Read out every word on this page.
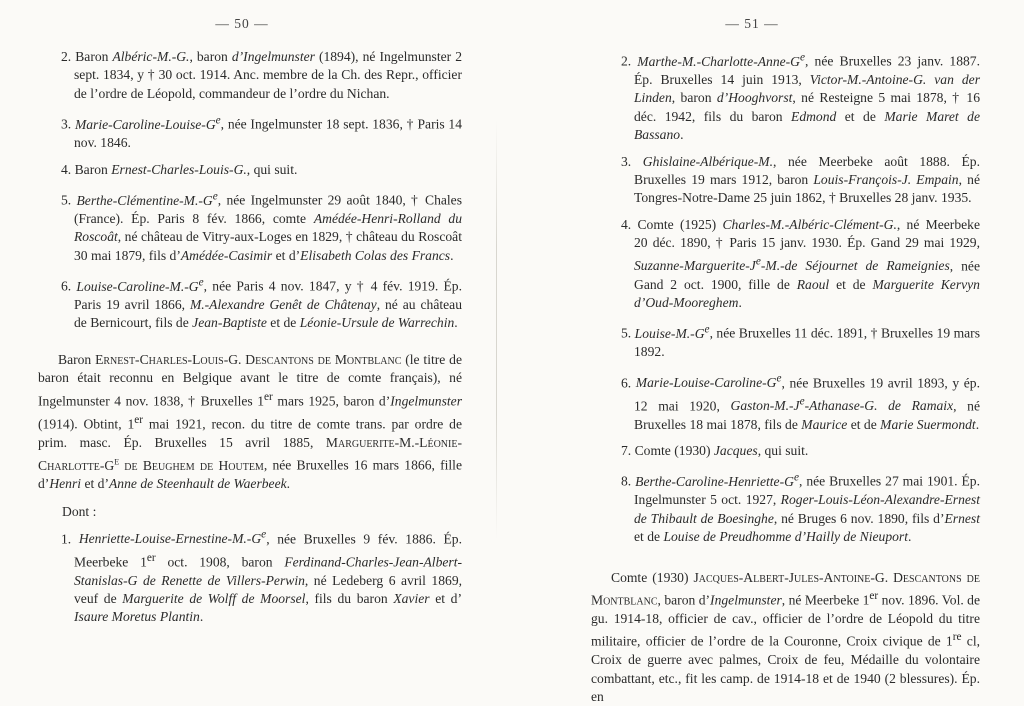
— 50 —

2. Baron Albéric-M.-G., baron d’Ingelmunster (1894), né Ingelmunster 2 sept. 1834, y † 30 oct. 1914. Anc. membre de la Ch. des Repr., officier de l’ordre de Léopold, commandeur de l’ordre du Nichan.

3. Marie-$Caroline-Louise-G^e$, née Ingelmunster 18 sept. 1836, † Paris 14 nov. 1846.

4. Baron Ernest-Charles-Louis-G., qui suit.

5. Berthe-$Clémentine-M.-G^e$, née Ingelmunster 29 août 1840, † Chales (France). Ép. Paris 8 fév. 1866, comte Amédée-Henri-Rolland du Roscoât, né château de Vitry-aux-Loges en 1829, † château du Roscoât 30 mai 1879, fils d’Amédée-Casimir et d’Elisabeth Colas des Francs.

6. Louise-$Caroline-M.-G^e$, née Paris 4 nov. 1847, y † 4 fév. 1919. Ép. Paris 19 avril 1866, M.-Alexandre Genêt de Châtenay, né au château de Bernicourt, fils de Jean-Baptiste et de Léonie-Ursule de Warrechin.

Baron Ernest-Charles-Louis-G. Descantons de Montblanc (le titre de baron était reconnu en Belgique avant le titre de comte français), né Ingelmunster 4 nov. 1838, † Bruxelles 1er mars 1925, baron d’Ingelmunster (1914). Obtint, 1er mai 1921, recon. du titre de comte trans. par ordre de prim. masc. Ép. Bruxelles 15 avril 1885, Marguerite-$M.-Léonie-Charlotte-G^e$ de Beughem de Houtem, née Bruxelles 16 mars 1866, fille d’Henri et d’Anne de Steenhault de Waerbeek.

Dont :

1. Henriette-$Louise-Ernestine-M.-G^e$, née Bruxelles 9 fév. 1886. Ép. Meerbeke 1er oct. 1908, baron Ferdinand-Charles-Jean-Albert-Stanislas-G de Renette de Villers-Perwin, né Ledeberg 6 avril 1869, veuf de Marguerite de Wolff de Moorsel, fils du baron Xavier et d’ Isaure Moretus Plantin.

— 51 —

2. Marthe-$M.-Charlotte-Anne-G^e$, née Bruxelles 23 janv. 1887. Ép. Bruxelles 14 juin 1913, Victor-M.-Antoine-G. van der Linden, baron d’Hooghvorst, né Resteigne 5 mai 1878, † 16 déc. 1942, fils du baron Edmond et de Marie Maret de Bassano.

3. Ghislaine-Albérique-M., née Meerbeke août 1888. Ép. Bruxelles 19 mars 1912, baron Louis-François-J. Empain, né Tongres-Notre-Dame 25 juin 1862, † Bruxelles 28 janv. 1935.

4. Comte (1925) Charles-M.-Albéric-Clément-G., né Meerbeke 20 déc. 1890, † Paris 15 janv. 1930. Ép. Gand 29 mai 1929, Suzanne-$Marguerite-J^e-M.-de$ Séjournet de Rameignies, née Gand 2 oct. 1900, fille de Raoul et de Marguerite Kervyn d’Oud-Mooreghem.

5. Louise-$M.-G^e$, née Bruxelles 11 déc. 1891, † Bruxelles 19 mars 1892.

6. Marie-$Louise-Caroline-G^e$, née Bruxelles 19 avril 1893, y ép. 12 mai 1920, Gaston-$M.-J^e-Athanase-G$. de Ramaix, né Bruxelles 18 mai 1878, fils de Maurice et de Marie Suermondt.

7. Comte (1930) Jacques, qui suit.

8. Berthe-$Caroline-Henriette-G^e$, née Bruxelles 27 mai 1901. Ép. Ingelmunster 5 oct. 1927, Roger-Louis-Léon-Alexandre-Ernest de Thibault de Boesinghe, né Bruges 6 nov. 1890, fils d’Ernest et de Louise de Preudhomme d’Hailly de Nieuport.

Comte (1930) Jacques-Albert-Jules-Antoine-G. Descantons de Montblanc, baron d’Ingelmunster, né Meerbeke 1er nov. 1896. Vol. de gu. 1914-18, officier de cav., officier de l’ordre de Léopold du titre militaire, officier de l’ordre de la Couronne, Croix civique de 1re cl, Croix de guerre avec palmes, Croix de feu, Médaille du volontaire combattant, etc., fit les camp. de 1914-18 et de 1940 (2 blessures). Ép. en
